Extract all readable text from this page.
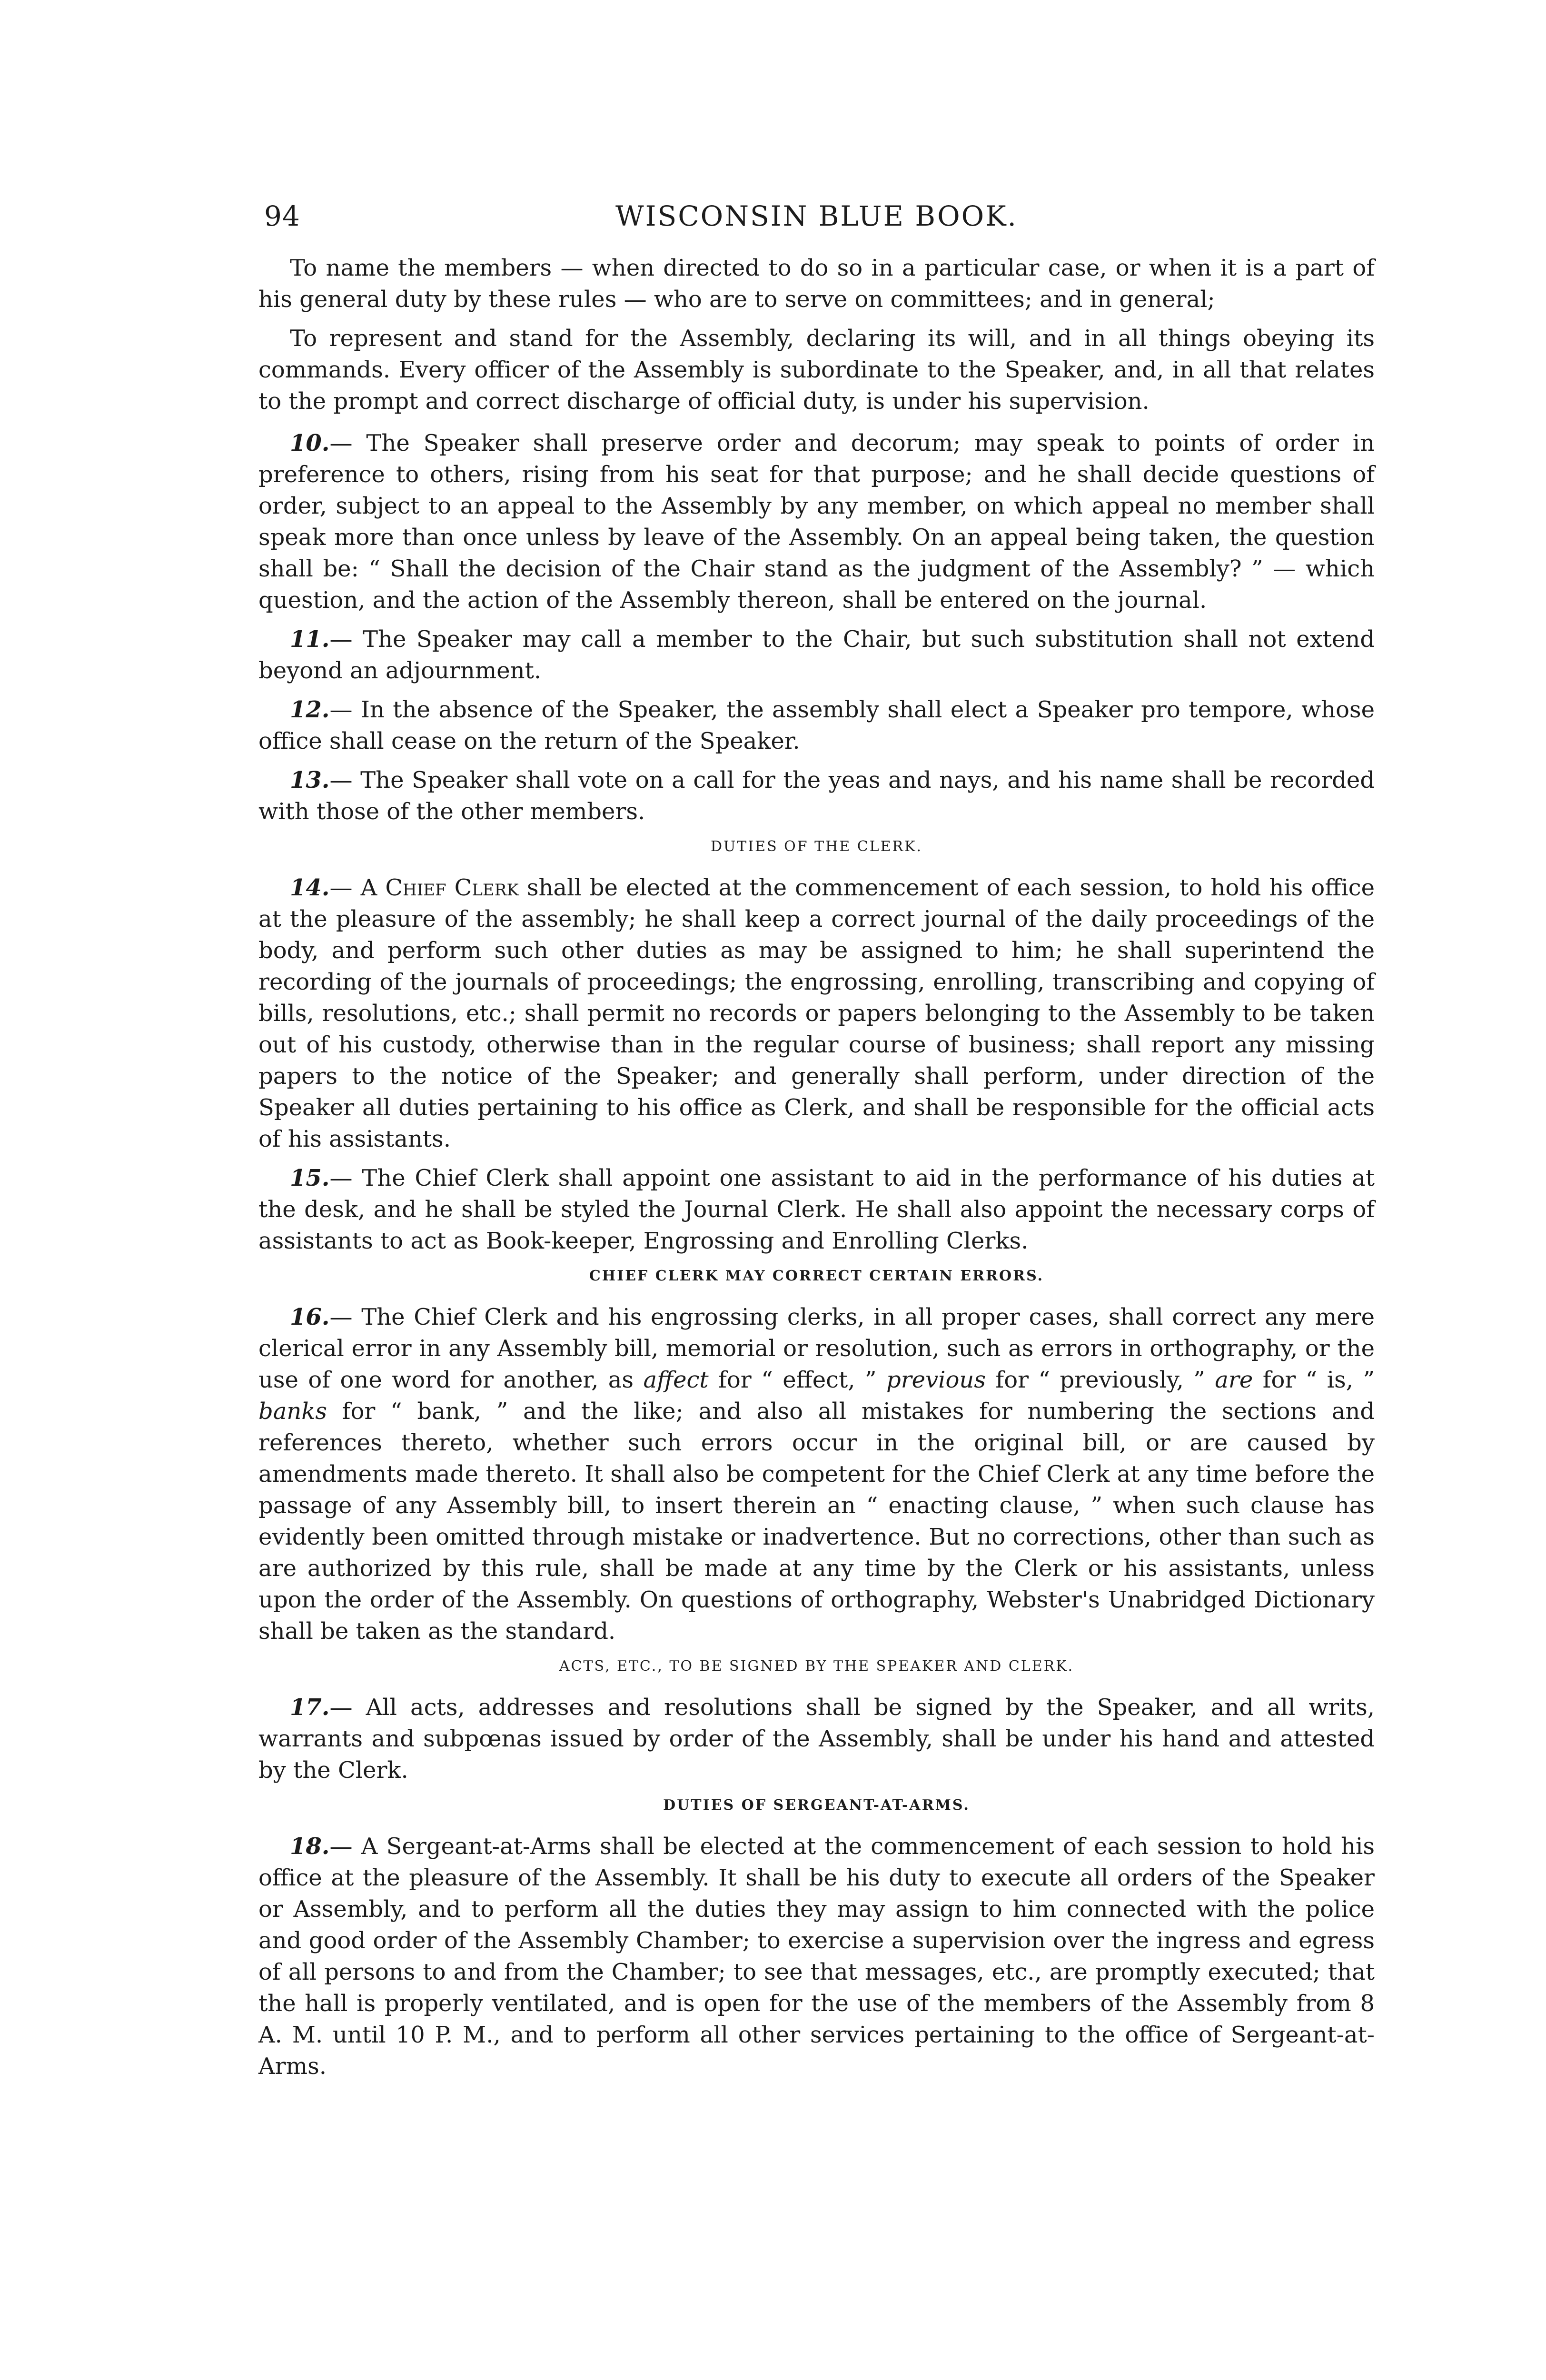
94	WISCONSIN BLUE BOOK.

To name the members — when directed to do so in a particular case, or when it is a part of his general duty by these rules — who are to serve on committees; and in general;

To represent and stand for the Assembly, declaring its will, and in all things obeying its commands. Every officer of the Assembly is subordinate to the Speaker, and, in all that relates to the prompt and correct discharge of official duty, is under his supervision.

10.— The Speaker shall preserve order and decorum; may speak to points of order in preference to others, rising from his seat for that purpose; and he shall decide questions of order, subject to an appeal to the Assembly by any member, on which appeal no member shall speak more than once unless by leave of the Assembly. On an appeal being taken, the question shall be: “ Shall the decision of the Chair stand as the judgment of the Assembly? ” — which question, and the action of the Assembly thereon, shall be entered on the journal.

11.— The Speaker may call a member to the Chair, but such substitution shall not extend beyond an adjournment.

12.— In the absence of the Speaker, the assembly shall elect a Speaker pro tempore, whose office shall cease on the return of the Speaker.

13.— The Speaker shall vote on a call for the yeas and nays, and his name shall be recorded with those of the other members.

DUTIES OF THE CLERK.

14.— A Chief Clerk shall be elected at the commencement of each session, to hold his office at the pleasure of the assembly; he shall keep a correct journal of the daily proceedings of the body, and perform such other duties as may be assigned to him; he shall superintend the recording of the journals of proceedings; the engrossing, enrolling, transcribing and copying of bills, resolutions, etc.; shall permit no records or papers belonging to the Assembly to be taken out of his custody, otherwise than in the regular course of business; shall report any missing papers to the notice of the Speaker; and generally shall perform, under direction of the Speaker all duties pertaining to his office as Clerk, and shall be responsible for the official acts of his assistants.

15.— The Chief Clerk shall appoint one assistant to aid in the performance of his duties at the desk, and he shall be styled the Journal Clerk. He shall also appoint the necessary corps of assistants to act as Book-keeper, Engrossing and Enrolling Clerks.

CHIEF CLERK MAY CORRECT CERTAIN ERRORS.

16.— The Chief Clerk and his engrossing clerks, in all proper cases, shall correct any mere clerical error in any Assembly bill, memorial or resolution, such as errors in orthography, or the use of one word for another, as affect for “ effect, ” previous for “ previously, ” are for “ is, ” banks for “ bank, ” and the like; and also all mistakes for numbering the sections and references thereto, whether such errors occur in the original bill, or are caused by amendments made thereto. It shall also be competent for the Chief Clerk at any time before the passage of any Assembly bill, to insert therein an “ enacting clause, ” when such clause has evidently been omitted through mistake or inadvertence. But no corrections, other than such as are authorized by this rule, shall be made at any time by the Clerk or his assistants, unless upon the order of the Assembly. On questions of orthography, Webster's Unabridged Dictionary shall be taken as the standard.

ACTS, ETC., TO BE SIGNED BY THE SPEAKER AND CLERK.

17.— All acts, addresses and resolutions shall be signed by the Speaker, and all writs, warrants and subpœnas issued by order of the Assembly, shall be under his hand and attested by the Clerk.

DUTIES OF SERGEANT-AT-ARMS.

18.— A Sergeant-at-Arms shall be elected at the commencement of each session to hold his office at the pleasure of the Assembly. It shall be his duty to execute all orders of the Speaker or Assembly, and to perform all the duties they may assign to him connected with the police and good order of the Assembly Chamber; to exercise a supervision over the ingress and egress of all persons to and from the Chamber; to see that messages, etc., are promptly executed; that the hall is properly ventilated, and is open for the use of the members of the Assembly from 8 A. M. until 10 P. M., and to perform all other services pertaining to the office of Sergeant-at-Arms.
